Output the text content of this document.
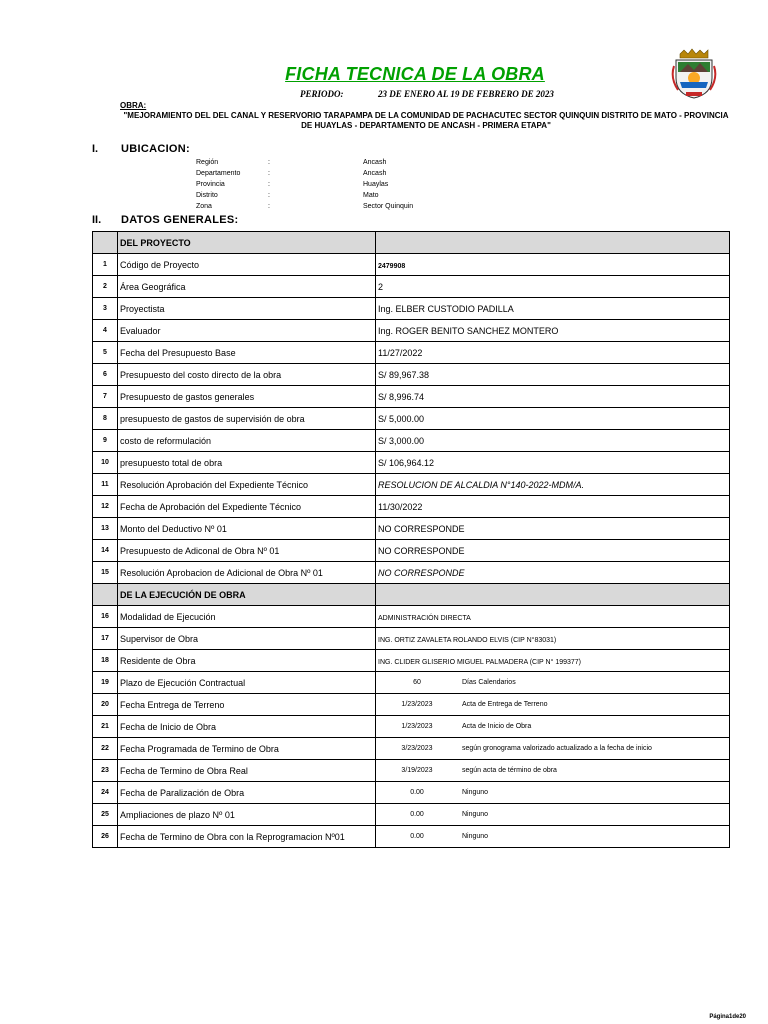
FICHA TECNICA DE LA OBRA
PERIODO:	23 DE ENERO AL 19 DE FEBRERO DE 2023
OBRA:
"MEJORAMIENTO DEL DEL CANAL Y RESERVORIO TARAPAMPA DE LA COMUNIDAD DE PACHACUTEC SECTOR QUINQUIN DISTRITO DE MATO - PROVINCIA DE HUAYLAS - DEPARTAMENTO DE ANCASH - PRIMERA ETAPA"
I. UBICACION:
Región	:	Ancash
Departamento	:	Ancash
Provincia	:	Huaylas
Distrito	:	Mato
Zona	:	Sector Quinquin
II. DATOS GENERALES:
	DEL PROYECTO	
1	Código de Proyecto	2479908
2	Área Geográfica	2
3	Proyectista	Ing. ELBER CUSTODIO PADILLA
4	Evaluador	Ing. ROGER BENITO SANCHEZ MONTERO
5	Fecha del Presupuesto Base	11/27/2022
6	Presupuesto del costo directo de la obra	S/ 89,967.38

7	Presupuesto de gastos generales	S/ 8,996.74

8	presupuesto de gastos de supervisión de obra	S/ 5,000.00

9	costo de reformulación	S/ 3,000.00

10	presupuesto total de obra	S/ 106,964.12
11	Resolución Aprobación del Expediente Técnico	RESOLUCION DE ALCALDIA N°140-2022-MDM/A.
12	Fecha de Aprobación del Expediente Técnico	11/30/2022
13	Monto del Deductivo Nº 01	NO CORRESPONDE
14	Presupuesto de Adiconal de Obra Nº 01	NO CORRESPONDE
15	Resolución Aprobacion de Adicional de Obra Nº 01	NO CORRESPONDE
	DE LA EJECUCIÓN DE OBRA	
16	Modalidad de Ejecución	ADMINISTRACIÓN DIRECTA
17	Supervisor de Obra	ING. ORTIZ ZAVALETA ROLANDO ELVIS (CIP N°83031)
18	Residente de Obra	ING. CLIDER GLISERIO MIGUEL PALMADERA (CIP N° 199377)
19	Plazo de Ejecución Contractual	60 Días Calendarios

20	Fecha Entrega de Terreno	1/23/2023 Acta de Entrega de Terreno

21	Fecha de Inicio de Obra	1/23/2023 Acta de Inicio de Obra

22	Fecha Programada de Termino de Obra	3/23/2023 según gronograma valorizado actualizado a la fecha de inicio

23	Fecha de Termino de Obra Real	3/19/2023 según acta de término de obra

24	Fecha de Paralización de Obra	0.00 Ninguno

25	Ampliaciones de plazo Nº 01	0.00 Ninguno

26	Fecha de Termino de Obra con la Reprogramacion Nº01	0.00 Ninguno
Página1de20
